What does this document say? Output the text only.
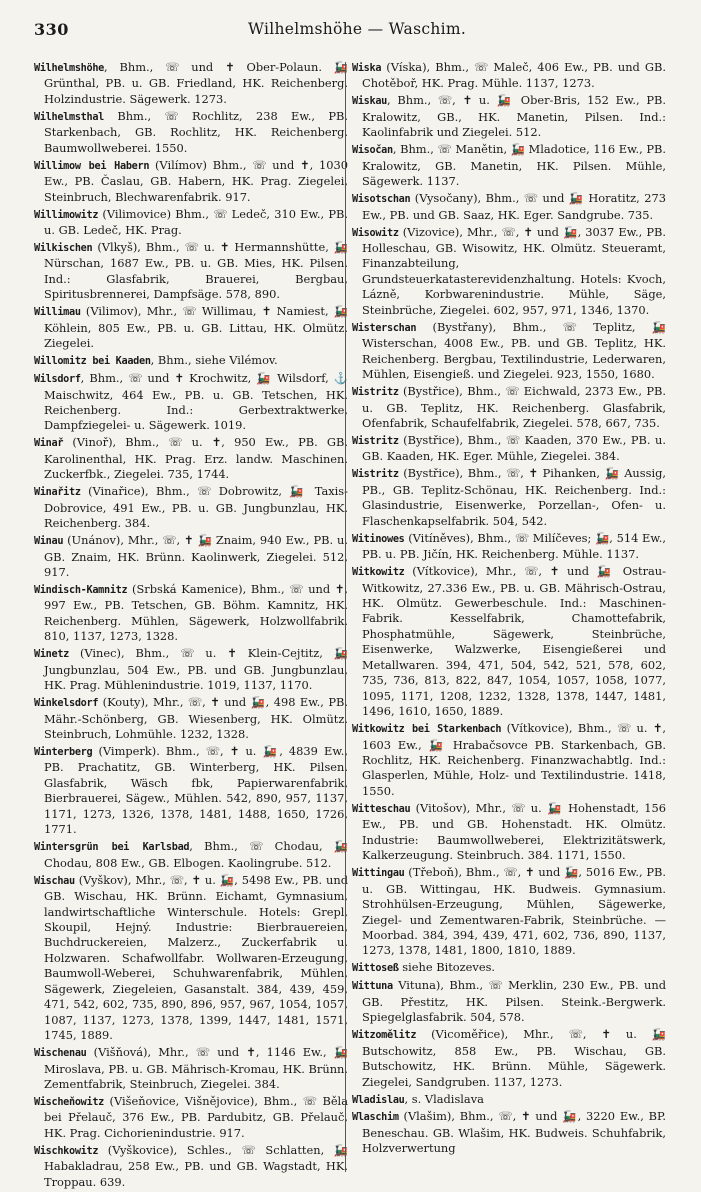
330	Wilhelmshöhe — Waschim.
Wilhelmshöhe, Bhm., ☏ und ✝ Ober-Polaun. 🚂 Grünthal, PB. u. GB. Friedland, HK. Reichenberg. Holzindustrie. Sägewerk. 1273.
Wilhelmsthal Bhm., ☏ Rochlitz, 238 Ew., PB. Starkenbach, GB. Rochlitz, HK. Reichenberg. Baumwollweberei. 1550.
Willimow bei Habern (Vilímov) Bhm., ☏ und ✝, 1030 Ew., PB. Časlau, GB. Habern, HK. Prag. Ziegelei, Steinbruch, Blechwarenfabrik. 917.
Willimowitz (Vilimovice) Bhm., ☏ Ledeč, 310 Ew., PB. u. GB. Ledeč, HK. Prag.
Wilkischen (Vlkyš), Bhm., ☏ u. ✝ Hermannshütte, 🚂 Nürschan, 1687 Ew., PB. u. GB. Mies, HK. Pilsen. Ind.: Glasfabrik, Brauerei, Bergbau, Spiritusbrennerei, Dampfsäge. 578, 890.
Willimau (Vilimov), Mhr., ☏ Willimau, ✝ Namiest, 🚂 Köhlein, 805 Ew., PB. u. GB. Littau, HK. Olmütz. Ziegelei.
Willomitz bei Kaaden, Bhm., siehe Vilémov.
Wilsdorf, Bhm., ☏ und ✝ Krochwitz, 🚂 Wilsdorf, ⚓ Maischwitz, 464 Ew., PB. u. GB. Tetschen, HK. Reichenberg. Ind.: Gerbextraktwerke, Dampfziegelei- u. Sägewerk. 1019.
Winař (Vinoř), Bhm., ☏ u. ✝, 950 Ew., PB. GB. Karolinenthal, HK. Prag. Erz. landw. Maschinen. Zuckerfbk., Ziegelei. 735, 1744.
Winařitz (Vinařice), Bhm., ☏ Dobrowitz, 🚂 Taxis-Dobrovice, 491 Ew., PB. u. GB. Jungbunzlau, HK. Reichenberg. 384.
Winau (Unánov), Mhr., ☏, ✝ 🚂 Znaim, 940 Ew., PB. u. GB. Znaim, HK. Brünn. Kaolinwerk, Ziegelei. 512, 917.
Windisch-Kamnitz (Srbská Kamenice), Bhm., ☏ und ✝, 997 Ew., PB. Tetschen, GB. Böhm. Kamnitz, HK. Reichenberg. Mühlen, Sägewerk, Holzwollfabrik. 810, 1137, 1273, 1328.
Winetz (Vinec), Bhm., ☏ u. ✝ Klein-Cejtitz, 🚂 Jungbunzlau, 504 Ew., PB. und GB. Jungbunzlau, HK. Prag. Mühlenindustrie. 1019, 1137, 1170.
Winkelsdorf (Kouty), Mhr., ☏, ✝ und 🚂, 498 Ew., PB. Mähr.-Schönberg, GB. Wiesenberg, HK. Olmütz. Steinbruch, Lohmühle. 1232, 1328.
Winterberg (Vimperk). Bhm., ☏, ✝ u. 🚂, 4839 Ew., PB. Prachatitz, GB. Winterberg, HK. Pilsen. Glasfabrik, Wäsch fbk, Papierwarenfabrik, Bierbrauerei, Sägew., Mühlen. 542, 890, 957, 1137, 1171, 1273, 1326, 1378, 1481, 1488, 1650, 1726, 1771.
Wintersgrün bei Karlsbad, Bhm., ☏ Chodau, 🚂 Chodau, 808 Ew., GB. Elbogen. Kaolingrube. 512.
Wischau (Vyškov), Mhr., ☏, ✝ u. 🚂, 5498 Ew., PB. und GB. Wischau, HK. Brünn. Eichamt, Gymnasium, landwirtschaftliche Winterschule. Hotels: Grepl, Skoupil, Hejný. Industrie: Bierbrauereien, Buchdruckereien, Malzerz., Zuckerfabrik u. Holzwaren. Schafwollfabr. Wollwaren-Erzeugung, Baumwoll-Weberei, Schuhwarenfabrik, Mühlen, Sägewerk, Ziegeleien, Gasanstalt. 384, 439, 459, 471, 542, 602, 735, 890, 896, 957, 967, 1054, 1057, 1087, 1137, 1273, 1378, 1399, 1447, 1481, 1571, 1745, 1889.
Wischenau (Višňová), Mhr., ☏ und ✝, 1146 Ew., 🚂 Miroslava, PB. u. GB. Mährisch-Kromau, HK. Brünn. Zementfabrik, Steinbruch, Ziegelei. 384.
Wischeňowitz (Višeňovice, Višnějovice), Bhm., ☏ Běla bei Přelauč, 376 Ew., PB. Pardubitz, GB. Přelauč, HK. Prag. Cichorienindustrie. 917.
Wischkowitz (Vyškovice), Schles., ☏ Schlatten, 🚂 Habakladrau, 258 Ew., PB. und GB. Wagstadt, HK. Troppau. 639.
Wiska (Víska), Bhm., ☏ Maleč, 406 Ew., PB. und GB. Chotěboř, HK. Prag. Mühle. 1137, 1273.
Wiskau, Bhm., ☏, ✝ u. 🚂 Ober-Bris, 152 Ew., PB. Kralowitz, GB., HK. Manetin, Pilsen. Ind.: Kaolinfabrik und Ziegelei. 512.
Wisočan, Bhm., ☏ Manětin, 🚂 Mladotice, 116 Ew., PB. Kralowitz, GB. Manetin, HK. Pilsen. Mühle, Sägewerk. 1137.
Wisotschan (Vysočany), Bhm., ☏ und 🚂 Horatitz, 273 Ew., PB. und GB. Saaz, HK. Eger. Sandgrube. 735.
Wisowitz (Vizovice), Mhr., ☏, ✝ und 🚂, 3037 Ew., PB. Holleschau, GB. Wisowitz, HK. Olmütz. Steueramt, Finanzabteilung, Grundsteuerkatasterevidenzhaltung. Hotels: Kvoch, Lázně, Korbwarenindustrie. Mühle, Säge, Steinbrüche, Ziegelei. 602, 957, 971, 1346, 1370.
Wisterschan (Bystřany), Bhm., ☏ Teplitz, 🚂 Wisterschan, 4008 Ew., PB. und GB. Teplitz, HK. Reichenberg. Bergbau, Textilindustrie, Lederwaren, Mühlen, Eisengieß. und Ziegelei. 923, 1550, 1680.
Wistritz (Bystřice), Bhm., ☏ Eichwald, 2373 Ew., PB. u. GB. Teplitz, HK. Reichenberg. Glasfabrik, Ofenfabrik, Schaufelfabrik, Ziegelei. 578, 667, 735.
Wistritz (Bystřice), Bhm., ☏ Kaaden, 370 Ew., PB. u. GB. Kaaden, HK. Eger. Mühle, Ziegelei. 384.
Wistritz (Bystřice), Bhm., ☏, ✝ Pihanken, 🚂 Aussig, PB., GB. Teplitz-Schönau, HK. Reichenberg. Ind.: Glasindustrie, Eisenwerke, Porzellan-, Ofen- u. Flaschenkapselfabrik. 504, 542.
Witinowes (Vitíněves), Bhm., ☏ Milíčeves; 🚂, 514 Ew., PB. u. PB. Jičín, HK. Reichenberg. Mühle. 1137.
Witkowitz (Vítkovice), Mhr., ☏, ✝ und 🚂 Ostrau-Witkowitz, 27.336 Ew., PB. u. GB. Mährisch-Ostrau, HK. Olmütz. Gewerbeschule. Ind.: Maschinen-Fabrik. Kesselfabrik, Chamottefabrik, Phosphatmühle, Sägewerk, Steinbrüche, Eisenwerke, Walzwerke, Eisengießerei und Metallwaren. 394, 471, 504, 542, 521, 578, 602, 735, 736, 813, 822, 847, 1054, 1057, 1058, 1077, 1095, 1171, 1208, 1232, 1328, 1378, 1447, 1481, 1496, 1610, 1650, 1889.
Witkowitz bei Starkenbach (Vítkovice), Bhm., ☏ u. ✝, 1603 Ew., 🚂 Hrabačsovce PB. Starkenbach, GB. Rochlitz, HK. Reichenberg. Finanzwachabtlg. Ind.: Glasperlen, Mühle, Holz- und Textilindustrie. 1418, 1550.
Witteschau (Vitošov), Mhr., ☏ u. 🚂 Hohenstadt, 156 Ew., PB. und GB. Hohenstadt. HK. Olmütz. Industrie: Baumwollweberei, Elektrizitätswerk, Kalkerzeugung. Steinbruch. 384. 1171, 1550.
Wittingau (Třeboň), Bhm., ☏, ✝ und 🚂, 5016 Ew., PB. u. GB. Wittingau, HK. Budweis. Gymnasium. Strohhülsen-Erzeugung, Mühlen, Sägewerke, Ziegel- und Zementwaren-Fabrik, Steinbrüche. — Moorbad. 384, 394, 439, 471, 602, 736, 890, 1137, 1273, 1378, 1481, 1800, 1810, 1889.
Wittoseß siehe Bitozeves.
Wittuna Vituna), Bhm., ☏ Merklin, 230 Ew., PB. und GB. Přestitz, HK. Pilsen. Steink.-Bergwerk. Spiegelglasfabrik. 504, 578.
Witzomělitz (Vicoměřice), Mhr., ☏, ✝ u. 🚂 Butschowitz, 858 Ew., PB. Wischau, GB. Butschowitz, HK. Brünn. Mühle, Sägewerk. Ziegelei, Sandgruben. 1137, 1273.
Wladislau, s. Vladislava
Wlaschim (Vlašim), Bhm., ☏, ✝ und 🚂, 3220 Ew., BP. Beneschau. GB. Wlašim, HK. Budweis. Schuhfabrik, Holzverwertung
